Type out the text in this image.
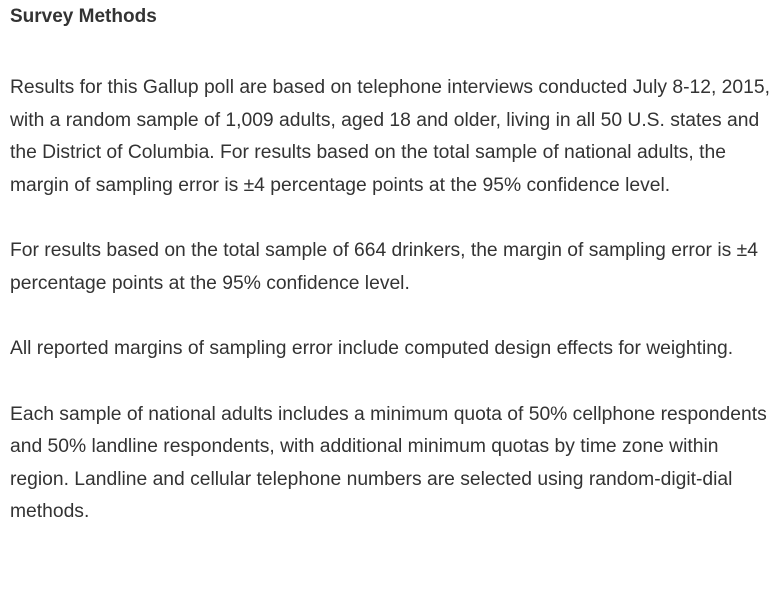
Survey Methods

Results for this Gallup poll are based on telephone interviews conducted July 8-12, 2015, with a random sample of 1,009 adults, aged 18 and older, living in all 50 U.S. states and the District of Columbia. For results based on the total sample of national adults, the margin of sampling error is ±4 percentage points at the 95% confidence level.

For results based on the total sample of 664 drinkers, the margin of sampling error is ±4 percentage points at the 95% confidence level.

All reported margins of sampling error include computed design effects for weighting.

Each sample of national adults includes a minimum quota of 50% cellphone respondents and 50% landline respondents, with additional minimum quotas by time zone within region. Landline and cellular telephone numbers are selected using random-digit-dial methods.
